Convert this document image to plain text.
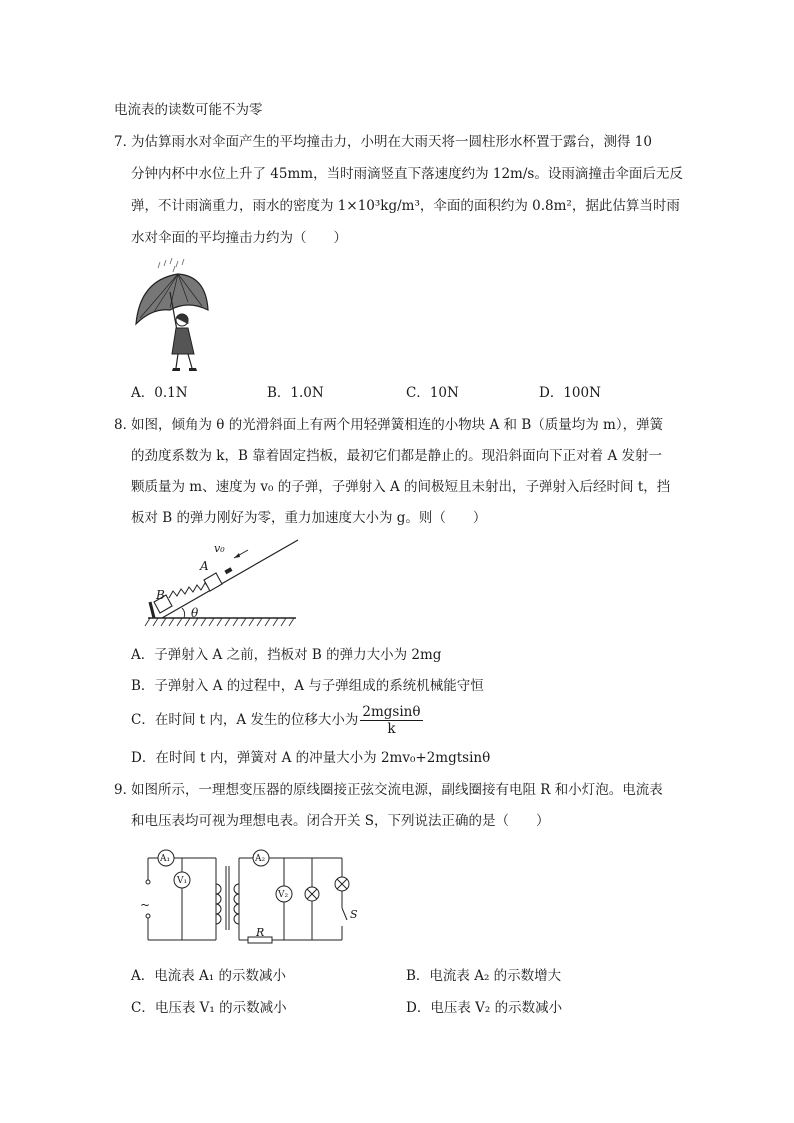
电流表的读数可能不为零
7．
为估算雨水对伞面产生的平均撞击力，小明在大雨天将一圆柱形水杯置于露台，测得 10
分钟内杯中水位上升了 45mm，当时雨滴竖直下落速度约为 12m/s。设雨滴撞击伞面后无反
弹，不计雨滴重力，雨水的密度为 1×10³kg/m³，伞面的面积约为 0.8m²，据此估算当时雨
水对伞面的平均撞击力约为（　　）
A．0.1N	B．1.0N	C．10N	D．100N
8．
如图，倾角为 θ 的光滑斜面上有两个用轻弹簧相连的小物块 A 和 B（质量均为 m），弹簧
的劲度系数为 k，B 靠着固定挡板，最初它们都是静止的。现沿斜面向下正对着 A 发射一
颗质量为 m、速度为 v₀ 的子弹，子弹射入 A 的间极短且未射出，子弹射入后经时间 t，挡
板对 B 的弹力刚好为零，重力加速度大小为 g。则（　　）
v₀
A
B
θ
A．子弹射入 A 之前，挡板对 B 的弹力大小为 2mg
B．子弹射入 A 的过程中，A 与子弹组成的系统机械能守恒
C．在时间 t 内，A 发生的位移大小为 $\frac{2mgsin\theta}{k}$
D．在时间 t 内，弹簧对 A 的冲量大小为 2mv₀+2mgtsinθ
9．
如图所示，一理想变压器的原线圈接正弦交流电源，副线圈接有电阻 R 和小灯泡。电流表
和电压表均可视为理想电表。闭合开关 S，下列说法正确的是（　　）
A₁
V₁
A₂
V₂
~
R
S
A．电流表 A₁ 的示数减小	B．电流表 A₂ 的示数增大
C．电压表 V₁ 的示数减小	D．电压表 V₂ 的示数减小
